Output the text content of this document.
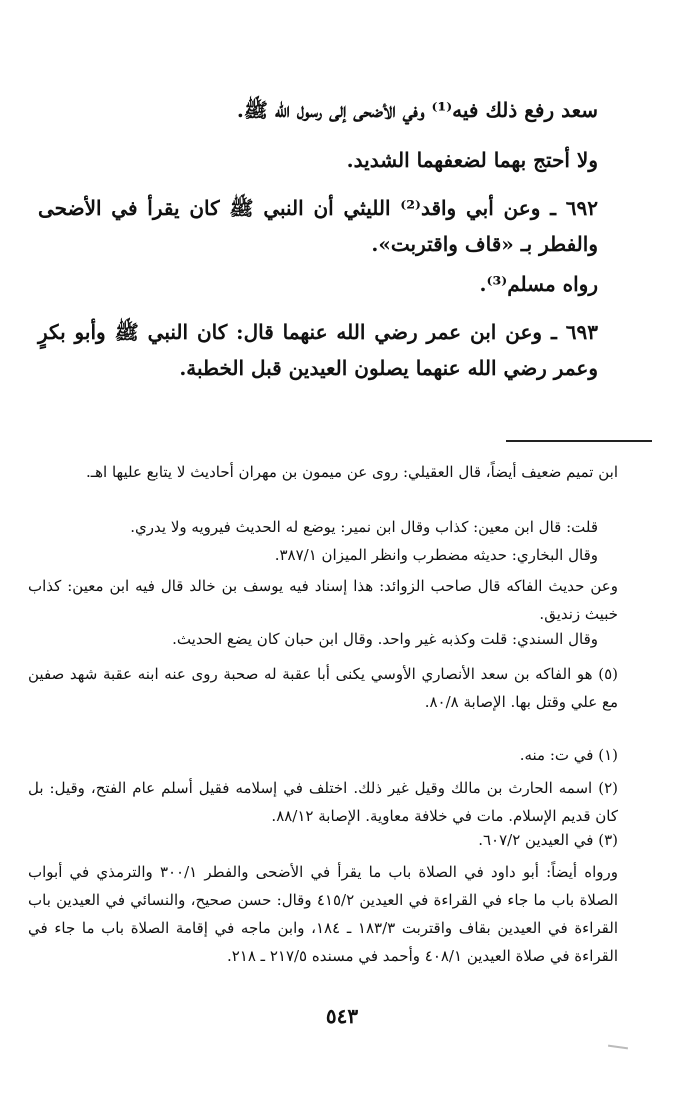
سعد رفع ذلك فيه⁽¹⁾ وفي الأضحى إلى رسول الله ﷺ.
ولا أحتج بهما لضعفهما الشديد.
٦٩٢ ـ وعن أبي واقد⁽²⁾ الليثي أن النبي ﷺ كان يقرأ في الأضحى والفطر بـ «قاف واقتربت».
رواه مسلم⁽³⁾.
٦٩٣ ـ وعن ابن عمر رضي الله عنهما قال: كان النبي ﷺ وأبو بكرٍ وعمر رضي الله عنهما يصلون العيدين قبل الخطبة.
ابن تميم ضعيف أيضاً، قال العقيلي: روى عن ميمون بن مهران أحاديث لا يتابع عليها اهـ.
قلت: قال ابن معين: كذاب وقال ابن نمير: يوضع له الحديث فيرويه ولا يدري.
وقال البخاري: حديثه مضطرب وانظر الميزان ٣٨٧/١.
وعن حديث الفاكه قال صاحب الزوائد: هذا إسناد فيه يوسف بن خالد قال فيه ابن معين: كذاب خبيث زنديق.
وقال السندي: قلت وكذبه غير واحد. وقال ابن حبان كان يضع الحديث.
(٥) هو الفاكه بن سعد الأنصاري الأوسي يكنى أبا عقبة له صحبة روى عنه ابنه عقبة شهد صفين مع علي وقتل بها. الإصابة ٨٠/٨.
(١) في ت: منه.
(٢) اسمه الحارث بن مالك وقيل غير ذلك. اختلف في إسلامه فقيل أسلم عام الفتح، وقيل: بل كان قديم الإسلام. مات في خلافة معاوية. الإصابة ٨٨/١٢.
(٣) في العيدين ٦٠٧/٢.
ورواه أيضاً: أبو داود في الصلاة باب ما يقرأ في الأضحى والفطر ٣٠٠/١ والترمذي في أبواب الصلاة باب ما جاء في القراءة في العيدين ٤١٥/٢ وقال: حسن صحيح، والنسائي في العيدين باب القراءة في العيدين بقاف واقتربت ١٨٣/٣ ـ ١٨٤، وابن ماجه في إقامة الصلاة باب ما جاء في القراءة في صلاة العيدين ٤٠٨/١ وأحمد في مسنده ٢١٧/٥ ـ ٢١٨.
٥٤٣
